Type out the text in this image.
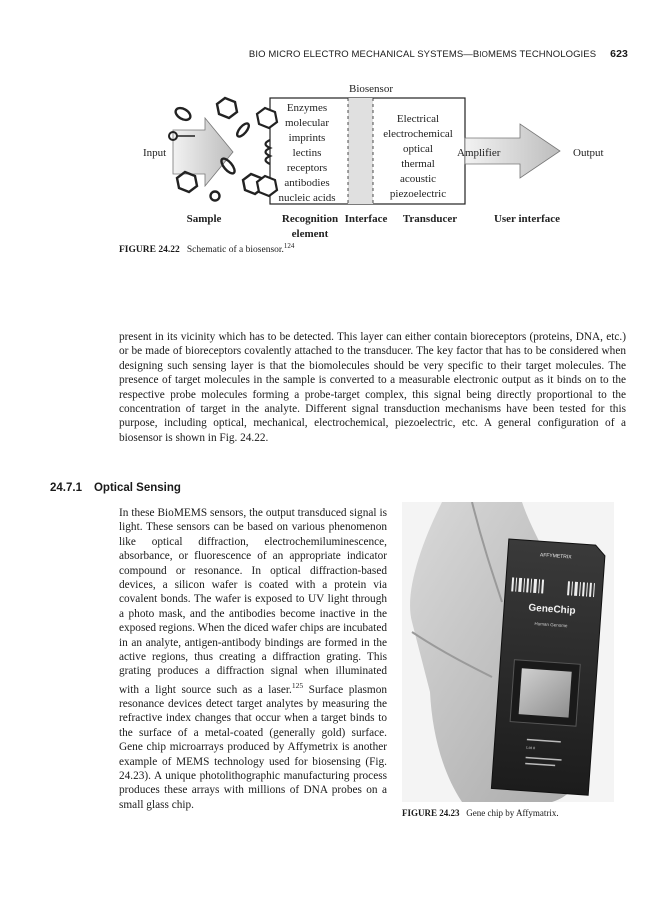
BIO MICRO ELECTRO MECHANICAL SYSTEMS—BIOMEMS TECHNOLOGIES 623
Biosensor
Input
Enzymes
molecular
imprints
lectins
receptors
antibodies
nucleic acids
Electrical
electrochemical
optical
thermal
acoustic
piezoelectric
Amplifier	Output
Sample	Recognition
element
Interface Transducer	User interface
FIGURE 24.22 Schematic of a biosensor.$^{124}$

present in its vicinity which has to be detected. This layer can either contain bioreceptors (proteins, DNA, etc.) or be made of bioreceptors covalently attached to the transducer. The key factor that has to be considered when designing such sensing layer is that the biomolecules should be very specific to their target molecules. The presence of target molecules in the sample is converted to a measurable electronic output as it binds on to the respective probe molecules forming a probe-target complex, this signal being directly proportional to the concentration of target in the analyte. Different signal transduction mechanisms have been tested for this purpose, including optical, mechanical, electrochemical, piezoelectric, etc. A general configuration of a biosensor is shown in Fig. 24.22.

24.7.1 Optical Sensing

In these BioMEMS sensors, the output transduced signal is light. These sensors can be based on various phenomenon like optical diffraction, electrochemiluminescence, absorbance, or fluorescence of an appropriate indicator compound or resonance. In optical diffraction-based devices, a silicon wafer is coated with a protein via covalent bonds. The wafer is exposed to UV light through a photo mask, and the antibodies become inactive in the exposed regions. When the diced wafer chips are incubated in an analyte, antigen-antibody bindings are formed in the active regions, thus creating a diffraction grating. This grating produces a diffraction signal when illuminated with a light source such as a laser.$^{125}$ Surface plasmon resonance devices detect target analytes by measuring the refractive index changes that occur when a target binds to the surface of a metal-coated (generally gold) surface. Gene chip microarrays produced by Affymetrix is another example of MEMS technology used for biosensing (Fig. 24.23). A unique photolithographic manufacturing process produces these arrays with millions of DNA probes on a small glass chip.

AFFYMETRIX
GeneChip
Human Genome
Lot #
FIGURE 24.23 Gene chip by Affymatrix.
